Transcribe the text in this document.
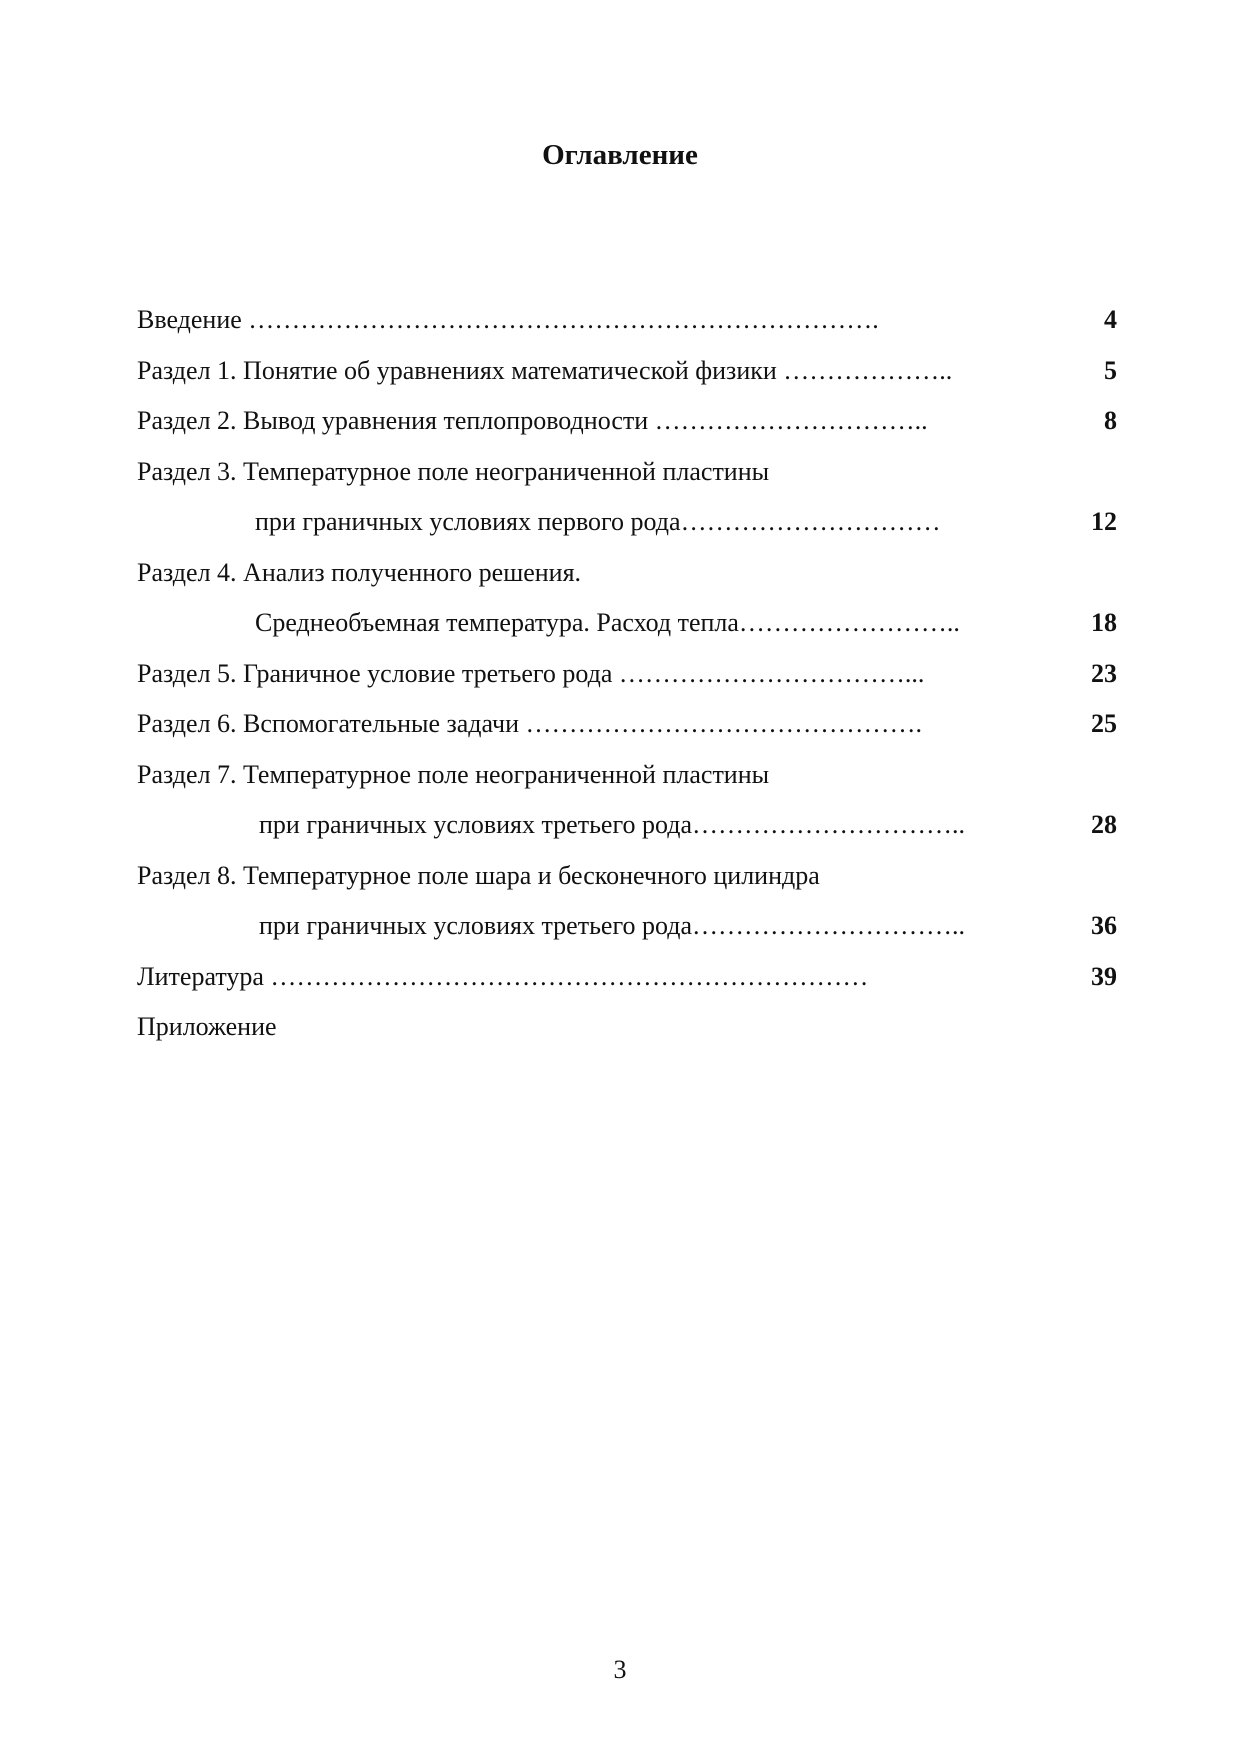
Оглавление
Введение ……………………………………………………………….	4
Раздел 1. Понятие об уравнениях математической физики ………………..	5
Раздел 2. Вывод уравнения теплопроводности …………………………..	8
Раздел 3. Температурное поле неограниченной пластины
при граничных условиях первого рода…………………………	12
Раздел 4. Анализ полученного решения.
Среднеобъемная температура. Расход тепла……………………..	18
Раздел 5. Граничное условие третьего рода ……………………………...	23
Раздел 6. Вспомогательные задачи ……………………………………….	25
Раздел 7. Температурное поле неограниченной пластины
при граничных условиях третьего рода…………………………..	28
Раздел 8. Температурное поле шара и бесконечного цилиндра
при граничных условиях третьего рода…………………………..	36
Литература ……………………………………………………………	39
Приложение
3
